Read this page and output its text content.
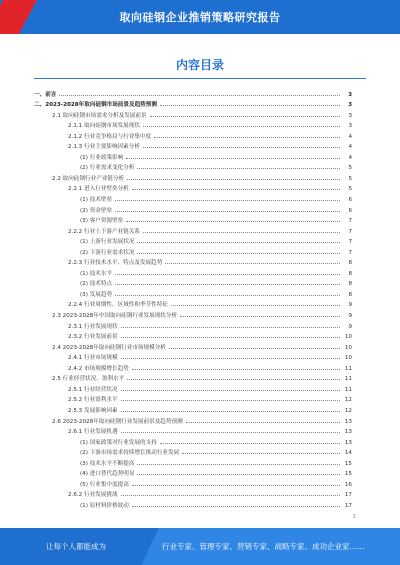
取向硅钢企业推销策略研究报告
内容目录
一、前言	3
二、2023-2028年取向硅钢市场前景及趋势预测	3
2.1 取向硅钢市场需求分析及发展前景	3
2.1.1 取向硅钢市场发展现状	3
2.1.2 行业竞争格局与行业集中度	4
2.1.3 行业主要影响因素分析	4
(1) 行业政策影响	4
(2) 行业需求变化分析	5
2.2 取向硅钢行业产业链分析	5
2.2.1 进入行业壁垒分析	5
(1) 技术壁垒	6
(2) 资金壁垒	6
(3) 客户资源壁垒	7
2.2.2 行业上下游产业链关系	7
(1) 上游行业发展状况	7
(2) 下游行业需求状况	7
2.2.3 行业技术水平、特点及发展趋势	8
(1) 技术水平	8
(2) 技术特点	8
(3) 发展趋势	8
2.2.4 行业周期性、区域性和季节性特征	9
2.3 2023-2028年中国取向硅钢行业发展现状分析	9
2.3.1 行业发展现状	9
2.3.2 行业发展前景	10
2.4 2023-2028年取向硅钢行业市场规模分析	10
2.4.1 行业市场规模	10
2.4.2 市场规模增长趋势	11
2.5 行业经营状况、盈利水平	11
2.5.1 行业经营状况	11
2.5.2 行业盈利水平	12
2.5.3 发展影响因素	12
2.6 2023-2028年取向硅钢行业发展前景及趋势预测	13
2.6.1 行业发展机遇	13
(1) 国家政策对行业发展的支持	13
(2) 下游市场需求持续增长推动行业发展	14
(3) 技术水平不断提高	15
(4) 进口替代趋势明显	15
(5) 行业集中度提高	16
2.6.2 行业发展挑战	17
(1) 原材料价格波动	17
1
让每个人都能成为	行业专家、管理专家、营销专家、战略专家、成功企业家……
